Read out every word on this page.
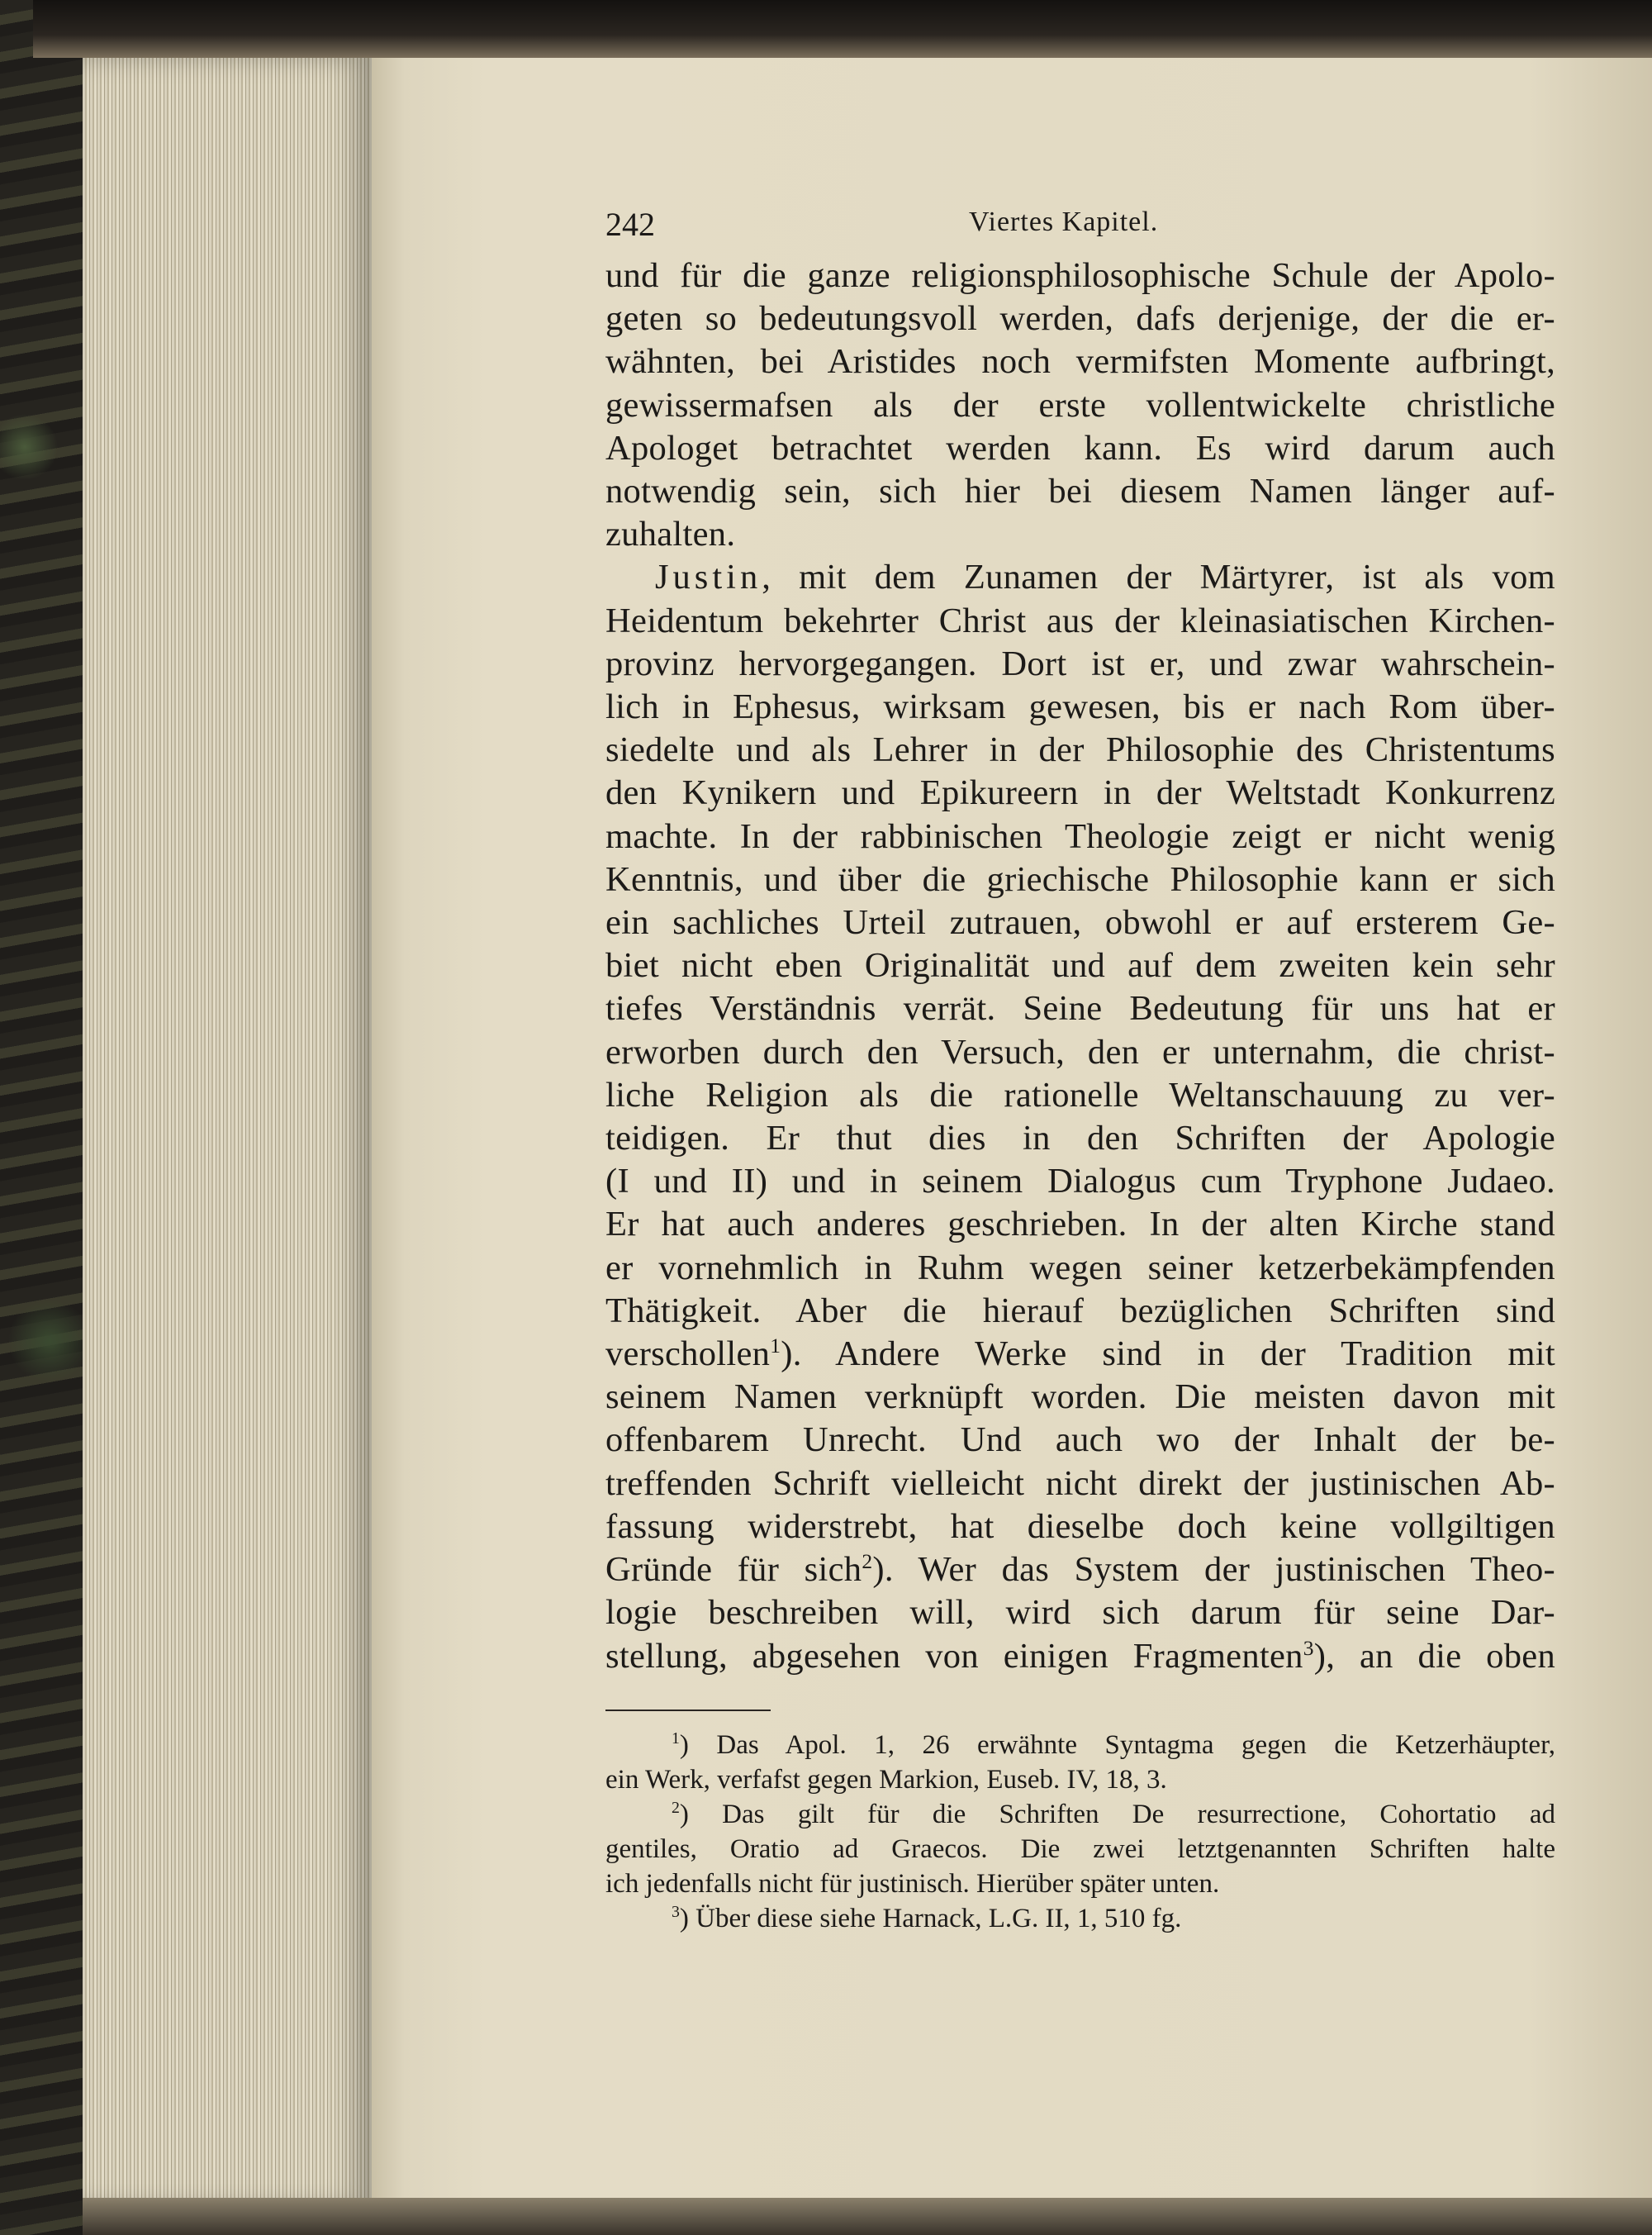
242	Viertes Kapitel.
und für die ganze religionsphilosophische Schule der Apolo-
geten so bedeutungsvoll werden, dafs derjenige, der die er-
wähnten, bei Aristides noch vermifsten Momente aufbringt,
gewissermafsen als der erste vollentwickelte christliche
Apologet betrachtet werden kann. Es wird darum auch
notwendig sein, sich hier bei diesem Namen länger auf-
zuhalten.
Justin, mit dem Zunamen der Märtyrer, ist als vom
Heidentum bekehrter Christ aus der kleinasiatischen Kirchen-
provinz hervorgegangen. Dort ist er, und zwar wahrschein-
lich in Ephesus, wirksam gewesen, bis er nach Rom über-
siedelte und als Lehrer in der Philosophie des Christentums
den Kynikern und Epikureern in der Weltstadt Konkurrenz
machte. In der rabbinischen Theologie zeigt er nicht wenig
Kenntnis, und über die griechische Philosophie kann er sich
ein sachliches Urteil zutrauen, obwohl er auf ersterem Ge-
biet nicht eben Originalität und auf dem zweiten kein sehr
tiefes Verständnis verrät. Seine Bedeutung für uns hat er
erworben durch den Versuch, den er unternahm, die christ-
liche Religion als die rationelle Weltanschauung zu ver-
teidigen. Er thut dies in den Schriften der Apologie
(I und II) und in seinem Dialogus cum Tryphone Judaeo.
Er hat auch anderes geschrieben. In der alten Kirche stand
er vornehmlich in Ruhm wegen seiner ketzerbekämpfenden
Thätigkeit. Aber die hierauf bezüglichen Schriften sind
verschollen$^1$). Andere Werke sind in der Tradition mit
seinem Namen verknüpft worden. Die meisten davon mit
offenbarem Unrecht. Und auch wo der Inhalt der be-
treffenden Schrift vielleicht nicht direkt der justinischen Ab-
fassung widerstrebt, hat dieselbe doch keine vollgiltigen
Gründe für sich$^2$). Wer das System der justinischen Theo-
logie beschreiben will, wird sich darum für seine Dar-
stellung, abgesehen von einigen Fragmenten$^3$), an die oben
$^1$) Das Apol. 1, 26 erwähnte Syntagma gegen die Ketzerhäupter,
ein Werk, verfafst gegen Markion, Euseb. IV, 18, 3.
$^2$) Das gilt für die Schriften De resurrectione, Cohortatio ad
gentiles, Oratio ad Graecos. Die zwei letztgenannten Schriften halte
ich jedenfalls nicht für justinisch. Hierüber später unten.
$^3$) Über diese siehe Harnack, L.G. II, 1, 510 fg.
